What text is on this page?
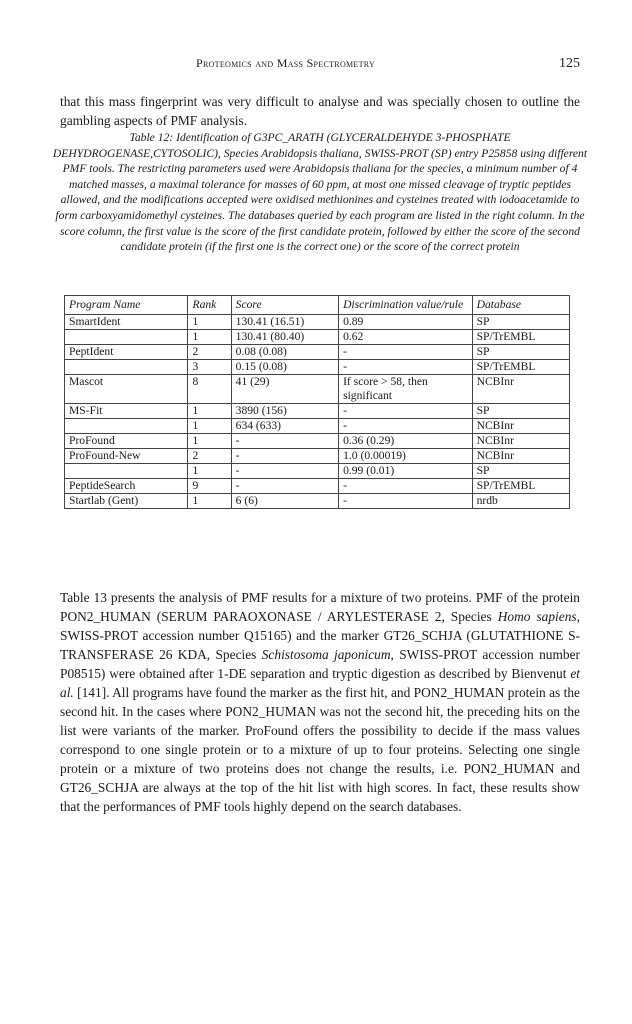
Proteomics and Mass Spectrometry	125

that this mass fingerprint was very difficult to analyse and was specially chosen to outline the gambling aspects of PMF analysis.

Table 12: Identification of G3PC_ARATH (GLYCERALDEHYDE 3-PHOSPHATE DEHYDROGENASE,CYTOSOLIC), Species Arabidopsis thaliana, SWISS-PROT (SP) entry P25858 using different PMF tools. The restricting parameters used were Arabidopsis thaliana for the species, a minimum number of 4 matched masses, a maximal tolerance for masses of 60 ppm, at most one missed cleavage of tryptic peptides allowed, and the modifications accepted were oxidised methionines and cysteines treated with iodoacetamide to form carboxyamidomethyl cysteines. The databases queried by each program are listed in the right column. In the score column, the first value is the score of the first candidate protein, followed by either the score of the second candidate protein (if the first one is the correct one) or the score of the correct protein

Program Name	Rank	Score	Discrimination value/rule	Database
SmartIdent	1	130.41 (16.51)	0.89	SP
	1	130.41 (80.40)	0.62	SP/TrEMBL
PeptIdent	2	0.08 (0.08)	-	SP
	3	0.15 (0.08)	-	SP/TrEMBL
Mascot	8	41 (29)	If score > 58, then significant	NCBInr
MS-Fit	1	3890 (156)	-	SP
	1	634 (633)	-	NCBInr
ProFound	1	-	0.36 (0.29)	NCBInr
ProFound-New	2	-	1.0 (0.00019)	NCBInr
	1	-	0.99 (0.01)	SP
PeptideSearch	9	-	-	SP/TrEMBL
Startlab (Gent)	1	6 (6)	-	nrdb

Table 13 presents the analysis of PMF results for a mixture of two proteins. PMF of the protein PON2_HUMAN (SERUM PARAOXONASE / ARYLESTERASE 2, Species Homo sapiens, SWISS-PROT accession number Q15165) and the marker GT26_SCHJA (GLUTATHIONE S-TRANSFERASE 26 KDA, Species Schistosoma japonicum, SWISS-PROT accession number P08515) were obtained after 1-DE separation and tryptic digestion as described by Bienvenut et al. [141]. All programs have found the marker as the first hit, and PON2_HUMAN protein as the second hit. In the cases where PON2_HUMAN was not the second hit, the preceding hits on the list were variants of the marker. ProFound offers the possibility to decide if the mass values correspond to one single protein or to a mixture of up to four proteins. Selecting one single protein or a mixture of two proteins does not change the results, i.e. PON2_HUMAN and GT26_SCHJA are always at the top of the hit list with high scores. In fact, these results show that the performances of PMF tools highly depend on the search databases.
